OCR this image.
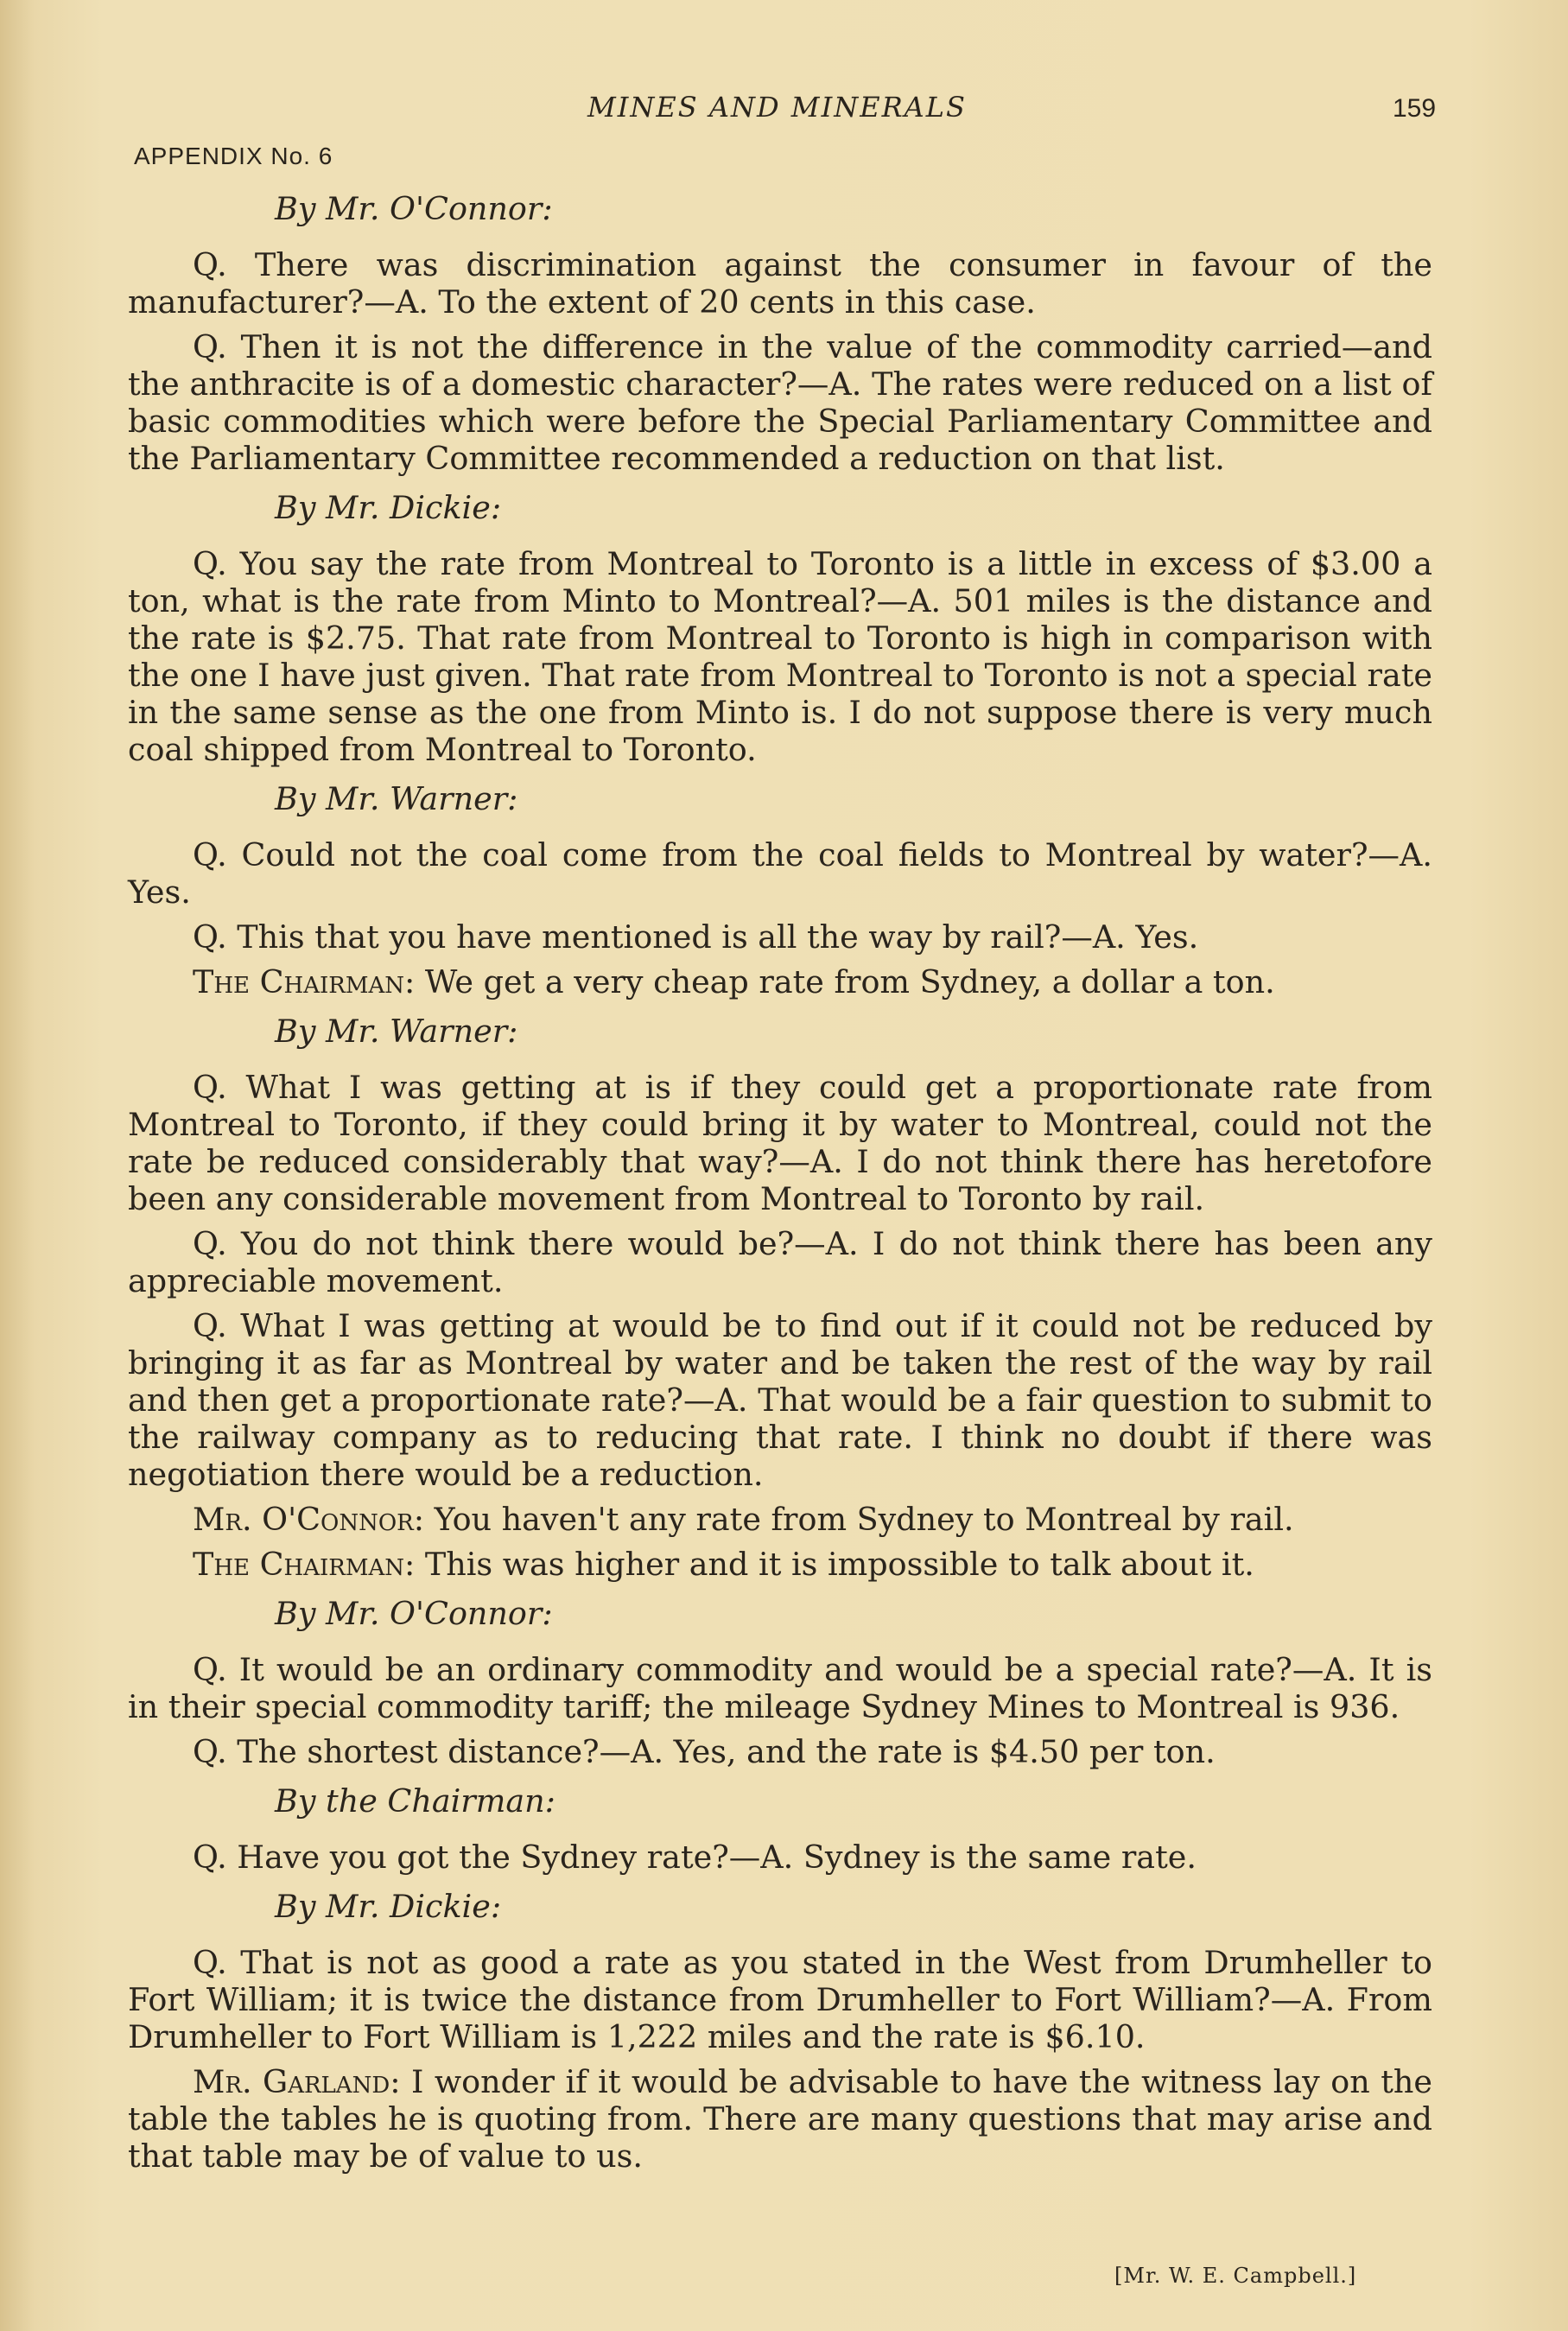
MINES AND MINERALS	159
APPENDIX No. 6
By Mr. O'Connor:
Q. There was discrimination against the consumer in favour of the manufacturer?—A. To the extent of 20 cents in this case.
Q. Then it is not the difference in the value of the commodity carried—and the anthracite is of a domestic character?—A. The rates were reduced on a list of basic commodities which were before the Special Parliamentary Committee and the Parliamentary Committee recommended a reduction on that list.
By Mr. Dickie:
Q. You say the rate from Montreal to Toronto is a little in excess of $3.00 a ton, what is the rate from Minto to Montreal?—A. 501 miles is the distance and the rate is $2.75. That rate from Montreal to Toronto is high in comparison with the one I have just given. That rate from Montreal to Toronto is not a special rate in the same sense as the one from Minto is. I do not suppose there is very much coal shipped from Montreal to Toronto.
By Mr. Warner:
Q. Could not the coal come from the coal fields to Montreal by water?—A. Yes.
Q. This that you have mentioned is all the way by rail?—A. Yes.
The Chairman: We get a very cheap rate from Sydney, a dollar a ton.
By Mr. Warner:
Q. What I was getting at is if they could get a proportionate rate from Montreal to Toronto, if they could bring it by water to Montreal, could not the rate be reduced considerably that way?—A. I do not think there has heretofore been any considerable movement from Montreal to Toronto by rail.
Q. You do not think there would be?—A. I do not think there has been any appreciable movement.
Q. What I was getting at would be to find out if it could not be reduced by bringing it as far as Montreal by water and be taken the rest of the way by rail and then get a proportionate rate?—A. That would be a fair question to submit to the railway company as to reducing that rate. I think no doubt if there was negotiation there would be a reduction.
Mr. O'Connor: You haven't any rate from Sydney to Montreal by rail.
The Chairman: This was higher and it is impossible to talk about it.
By Mr. O'Connor:
Q. It would be an ordinary commodity and would be a special rate?—A. It is in their special commodity tariff; the mileage Sydney Mines to Montreal is 936.
Q. The shortest distance?—A. Yes, and the rate is $4.50 per ton.
By the Chairman:
Q. Have you got the Sydney rate?—A. Sydney is the same rate.
By Mr. Dickie:
Q. That is not as good a rate as you stated in the West from Drumheller to Fort William; it is twice the distance from Drumheller to Fort William?—A. From Drumheller to Fort William is 1,222 miles and the rate is $6.10.
Mr. Garland: I wonder if it would be advisable to have the witness lay on the table the tables he is quoting from. There are many questions that may arise and that table may be of value to us.
[Mr. W. E. Campbell.]
